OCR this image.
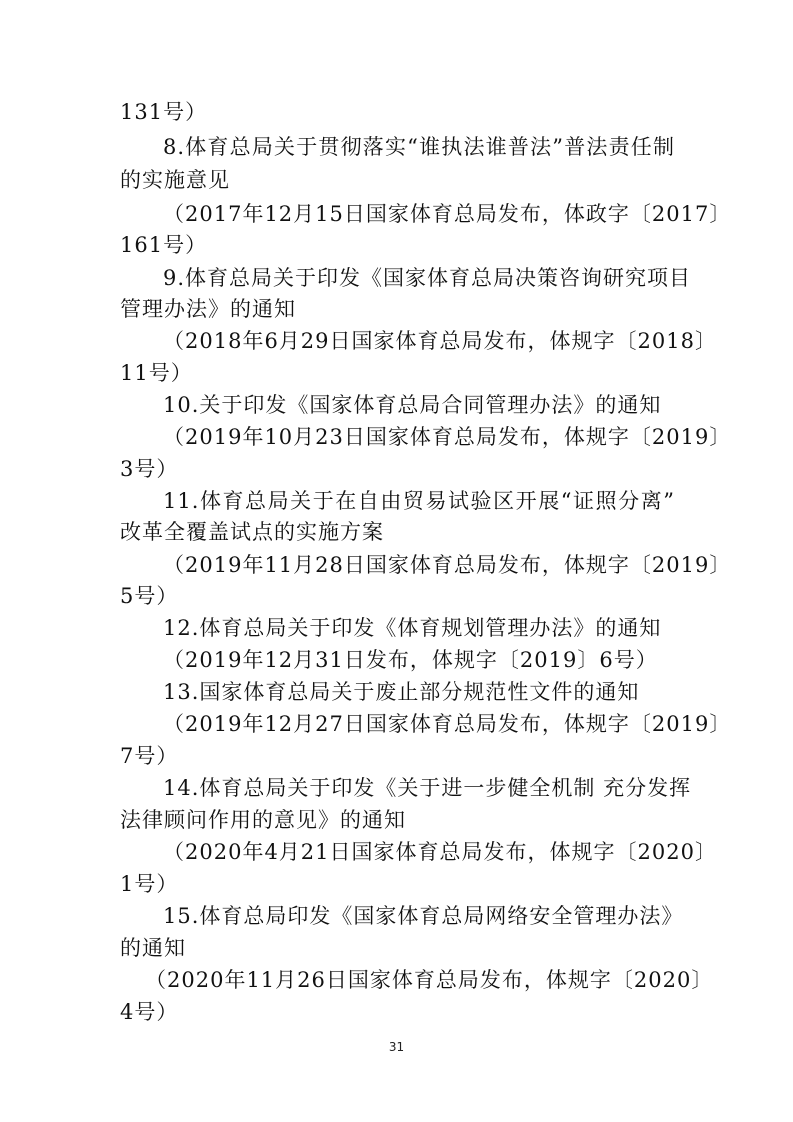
131号）
8.体育总局关于贯彻落实“谁执法谁普法”普法责任制
的实施意见
（2017年12月15日国家体育总局发布，体政字〔2017〕
161号）
9.体育总局关于印发《国家体育总局决策咨询研究项目
管理办法》的通知
（2018年6月29日国家体育总局发布，体规字〔2018〕
11号）
10.关于印发《国家体育总局合同管理办法》的通知
（2019年10月23日国家体育总局发布，体规字〔2019〕
3号）
11.体育总局关于在自由贸易试验区开展“证照分离”
改革全覆盖试点的实施方案
（2019年11月28日国家体育总局发布，体规字〔2019〕
5号）
12.体育总局关于印发《体育规划管理办法》的通知
（2019年12月31日发布，体规字〔2019〕6号）
13.国家体育总局关于废止部分规范性文件的通知
（2019年12月27日国家体育总局发布，体规字〔2019〕
7号）
14.体育总局关于印发《关于进一步健全机制 充分发挥
法律顾问作用的意见》的通知
（2020年4月21日国家体育总局发布，体规字〔2020〕
1号）
15.体育总局印发《国家体育总局网络安全管理办法》
的通知
（2020年11月26日国家体育总局发布，体规字〔2020〕
4号）
31
